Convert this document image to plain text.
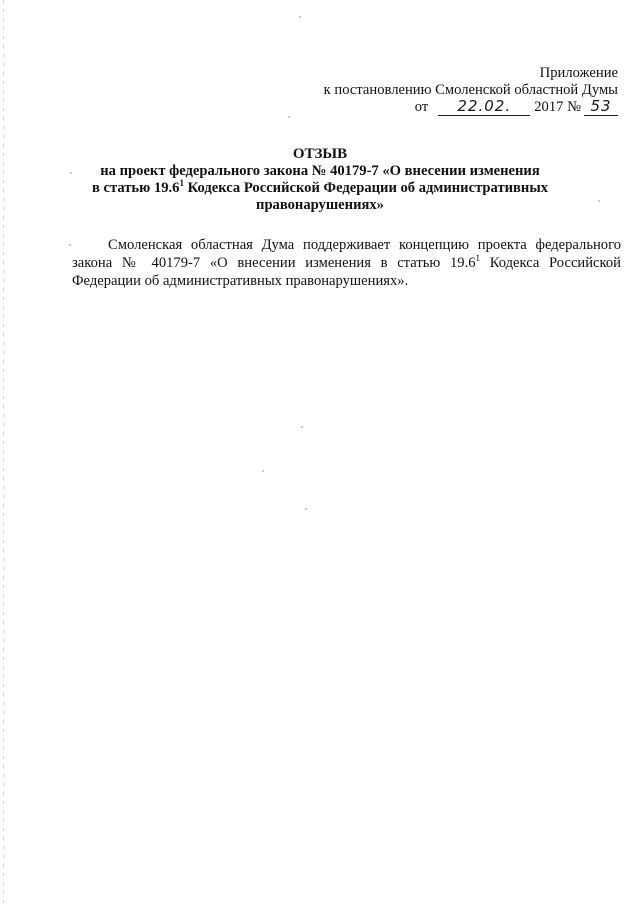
Приложение
к постановлению Смоленской областной Думы
от 22.02. 2017 № 53
ОТЗЫВ
на проект федерального закона № 40179-7 «О внесении изменения
в статью 19.6$^1$ Кодекса Российской Федерации об административных
правонарушениях»

Смоленская областная Дума поддерживает концепцию проекта федерального закона № 40179-7 «О внесении изменения в статью 19.6$^1$ Кодекса Российской Федерации об административных правонарушениях».
